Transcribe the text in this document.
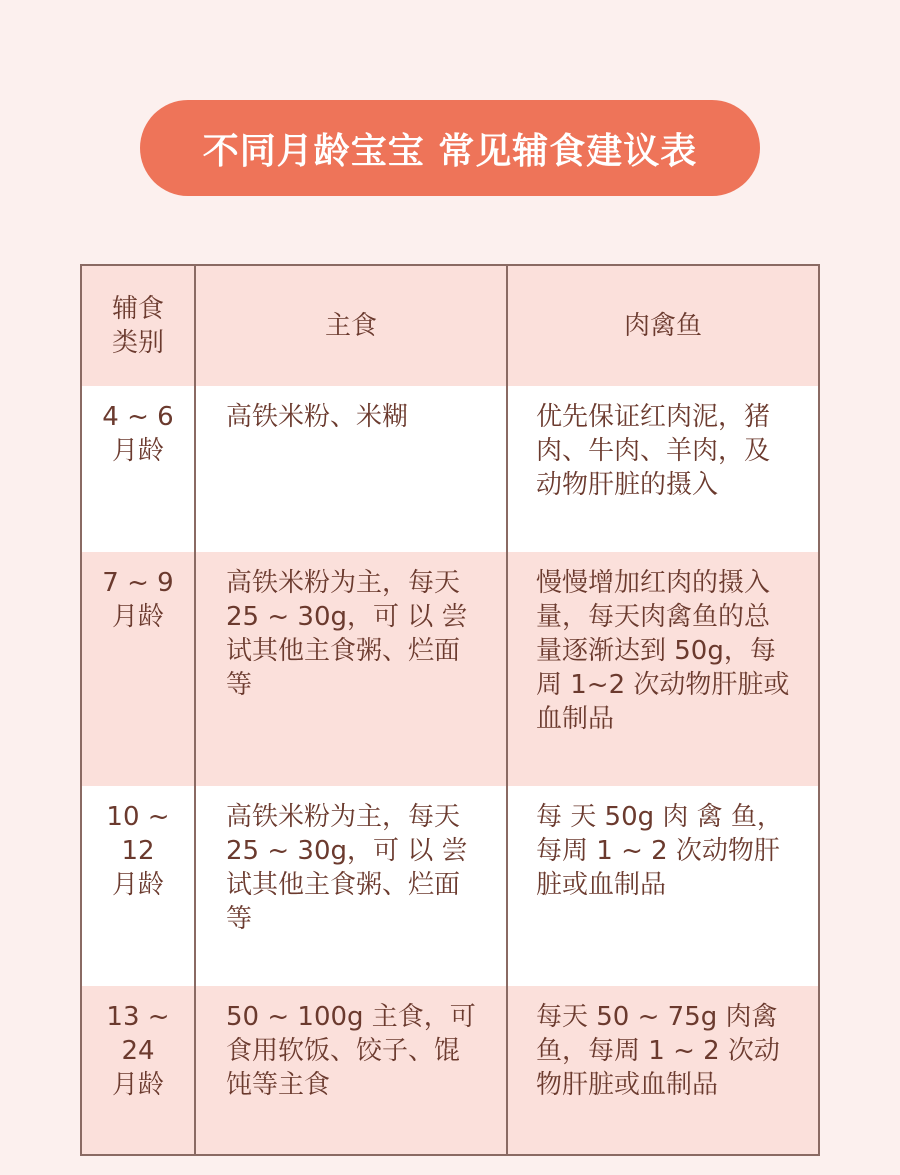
不同月龄宝宝 常见辅食建议表
辅食
类别
主食	肉禽鱼
4 ~ 6
月龄
高铁米粉、米糊	优先保证红肉泥，猪
肉、牛肉、羊肉，及
动物肝脏的摄入
7 ~ 9
月龄
高铁米粉为主，每天
25 ~ 30g，可 以 尝
试其他主食粥、烂面
等
慢慢增加红肉的摄入
量，每天肉禽鱼的总
量逐渐达到 50g，每
周 1~2 次动物肝脏或
血制品
10 ~ 12
月龄
高铁米粉为主，每天
25 ~ 30g，可 以 尝
试其他主食粥、烂面
等
每 天 50g 肉 禽 鱼，
每周 1 ~ 2 次动物肝
脏或血制品
13 ~ 24
月龄
50 ~ 100g 主食，可
食用软饭、饺子、馄
饨等主食
每天 50 ~ 75g 肉禽
鱼，每周 1 ~ 2 次动
物肝脏或血制品
